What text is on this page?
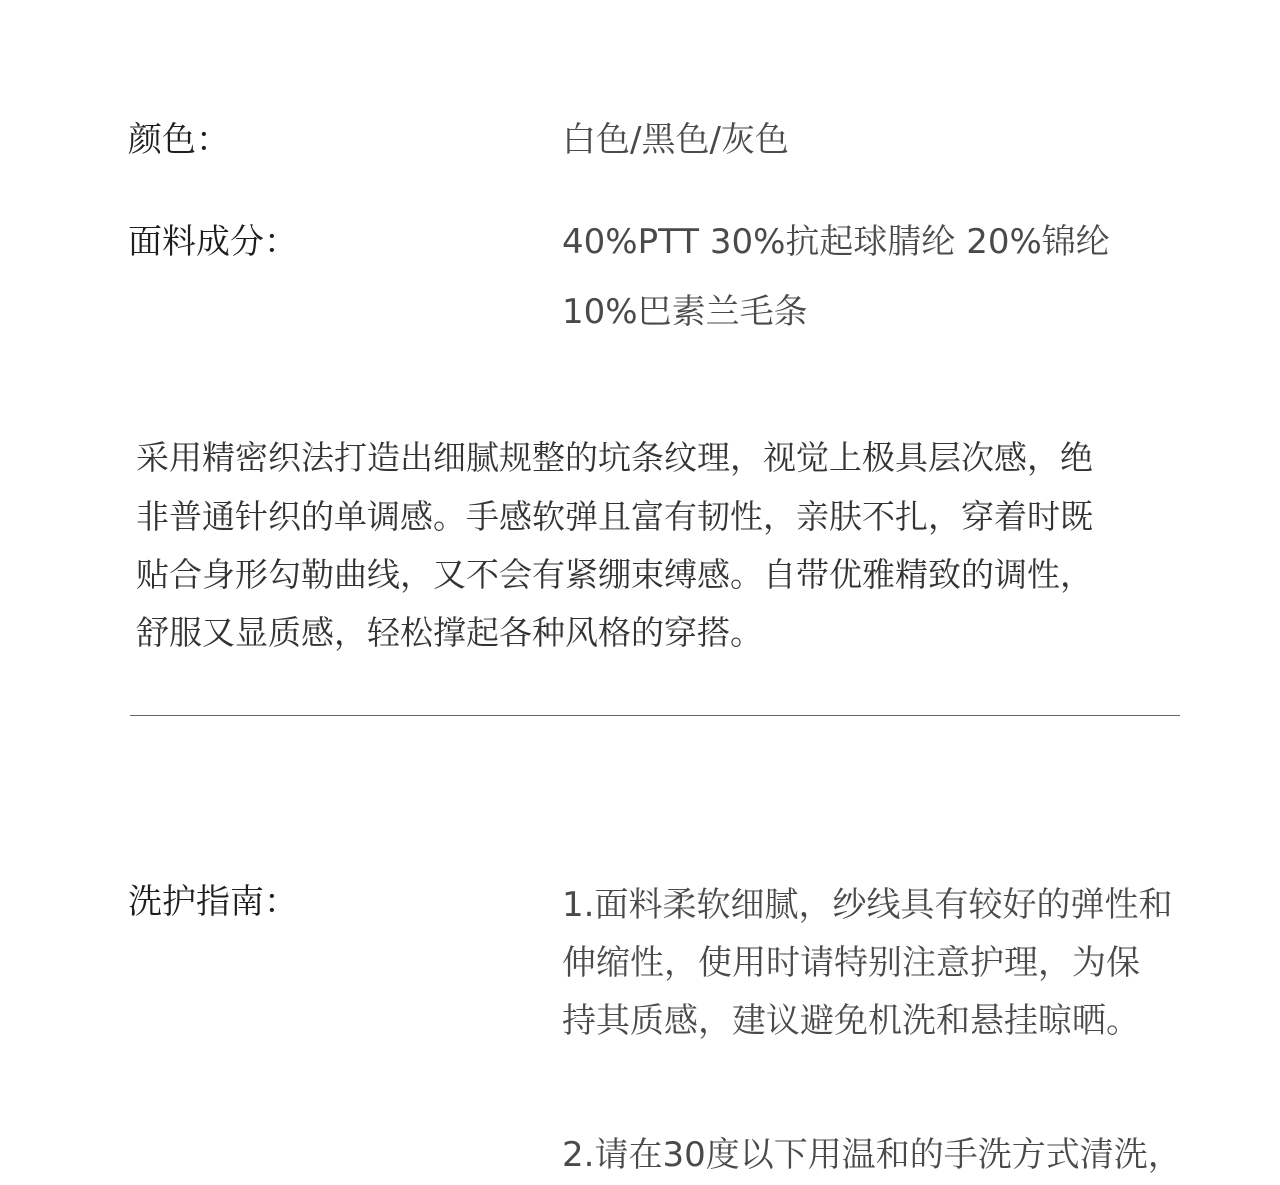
颜色：	白色/黑色/灰色
面料成分：	40%PTT 30%抗起球腈纶 20%锦纶
10%巴素兰毛条
采用精密织法打造出细腻规整的坑条纹理，视觉上极具层次感，绝
非普通针织的单调感。手感软弹且富有韧性，亲肤不扎，穿着时既
贴合身形勾勒曲线，又不会有紧绷束缚感。自带优雅精致的调性，
舒服又显质感，轻松撑起各种风格的穿搭。
洗护指南：	1.面料柔软细腻，纱线具有较好的弹性和
伸缩性，使用时请特别注意护理，为保
持其质感，建议避免机洗和悬挂晾晒。
2.请在30度以下用温和的手洗方式清洗，
